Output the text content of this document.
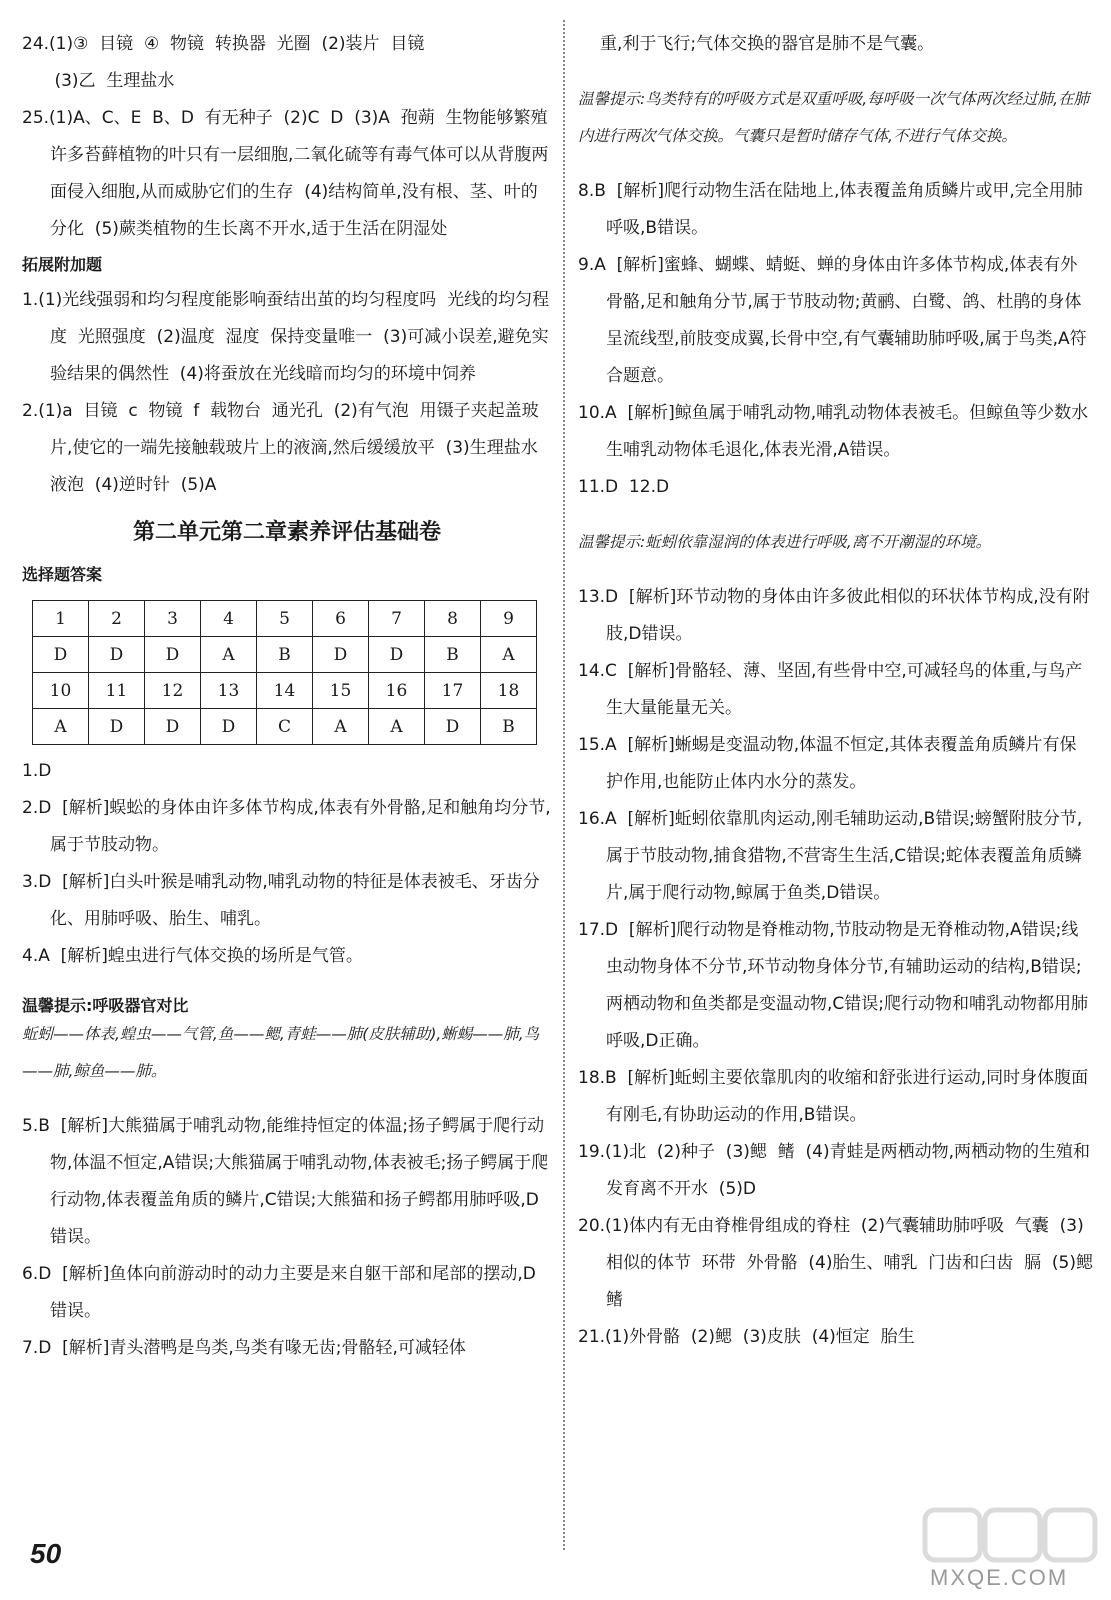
24.(1)③  目镜  ④  物镜  转换器  光圈  (2)装片  目镜

(3)乙  生理盐水

25.(1)A、C、E  B、D  有无种子  (2)C  D  (3)A  孢蒴  生物能够繁殖  许多苔藓植物的叶只有一层细胞,二氧化硫等有毒气体可以从背腹两面侵入细胞,从而威胁它们的生存  (4)结构简单,没有根、茎、叶的分化  (5)蕨类植物的生长离不开水,适于生活在阴湿处

拓展附加题

1.(1)光线强弱和均匀程度能影响蚕结出茧的均匀程度吗  光线的均匀程度  光照强度  (2)温度  湿度  保持变量唯一  (3)可减小误差,避免实验结果的偶然性  (4)将蚕放在光线暗而均匀的环境中饲养

2.(1)a  目镜  c  物镜  f  载物台  通光孔  (2)有气泡  用镊子夹起盖玻片,使它的一端先接触载玻片上的液滴,然后缓缓放平  (3)生理盐水  液泡  (4)逆时针  (5)A

第二单元第二章素养评估基础卷
选择题答案
1	2	3	4	5	6	7	8	9
D	D	D	A	B	D	D	B	A
10	11	12	13	14	15	16	17	18
A	D	D	D	C	A	A	D	B

1.D

2.D  [解析]蜈蚣的身体由许多体节构成,体表有外骨骼,足和触角均分节,属于节肢动物。

3.D  [解析]白头叶猴是哺乳动物,哺乳动物的特征是体表被毛、牙齿分化、用肺呼吸、胎生、哺乳。

4.A  [解析]蝗虫进行气体交换的场所是气管。

温馨提示:呼吸器官对比
蚯蚓——体表,蝗虫——气管,鱼——鳃,青蛙——肺(皮肤辅助),蜥蜴——肺,鸟——肺,鲸鱼——肺。

5.B  [解析]大熊猫属于哺乳动物,能维持恒定的体温;扬子鳄属于爬行动物,体温不恒定,A错误;大熊猫属于哺乳动物,体表被毛;扬子鳄属于爬行动物,体表覆盖角质的鳞片,C错误;大熊猫和扬子鳄都用肺呼吸,D错误。

6.D  [解析]鱼体向前游动时的动力主要是来自躯干部和尾部的摆动,D错误。

7.D  [解析]青头潜鸭是鸟类,鸟类有喙无齿;骨骼轻,可减轻体

重,利于飞行;气体交换的器官是肺不是气囊。

温馨提示:鸟类特有的呼吸方式是双重呼吸,每呼吸一次气体两次经过肺,在肺内进行两次气体交换。气囊只是暂时储存气体,不进行气体交换。

8.B  [解析]爬行动物生活在陆地上,体表覆盖角质鳞片或甲,完全用肺呼吸,B错误。

9.A  [解析]蜜蜂、蝴蝶、蜻蜓、蝉的身体由许多体节构成,体表有外骨骼,足和触角分节,属于节肢动物;黄鹂、白鹭、鸽、杜鹃的身体呈流线型,前肢变成翼,长骨中空,有气囊辅助肺呼吸,属于鸟类,A符合题意。

10.A  [解析]鲸鱼属于哺乳动物,哺乳动物体表被毛。但鲸鱼等少数水生哺乳动物体毛退化,体表光滑,A错误。

11.D  12.D

温馨提示:蚯蚓依靠湿润的体表进行呼吸,离不开潮湿的环境。

13.D  [解析]环节动物的身体由许多彼此相似的环状体节构成,没有附肢,D错误。

14.C  [解析]骨骼轻、薄、坚固,有些骨中空,可减轻鸟的体重,与鸟产生大量能量无关。

15.A  [解析]蜥蜴是变温动物,体温不恒定,其体表覆盖角质鳞片有保护作用,也能防止体内水分的蒸发。

16.A  [解析]蚯蚓依靠肌肉运动,刚毛辅助运动,B错误;螃蟹附肢分节,属于节肢动物,捕食猎物,不营寄生生活,C错误;蛇体表覆盖角质鳞片,属于爬行动物,鲸属于鱼类,D错误。

17.D  [解析]爬行动物是脊椎动物,节肢动物是无脊椎动物,A错误;线虫动物身体不分节,环节动物身体分节,有辅助运动的结构,B错误;两栖动物和鱼类都是变温动物,C错误;爬行动物和哺乳动物都用肺呼吸,D正确。

18.B  [解析]蚯蚓主要依靠肌肉的收缩和舒张进行运动,同时身体腹面有刚毛,有协助运动的作用,B错误。

19.(1)北  (2)种子  (3)鳃  鳍  (4)青蛙是两栖动物,两栖动物的生殖和发育离不开水  (5)D

20.(1)体内有无由脊椎骨组成的脊柱  (2)气囊辅助肺呼吸  气囊  (3)相似的体节  环带  外骨骼  (4)胎生、哺乳  门齿和臼齿  膈  (5)鳃  鳍

21.(1)外骨骼  (2)鳃  (3)皮肤  (4)恒定  胎生

50
MXQE.COM
